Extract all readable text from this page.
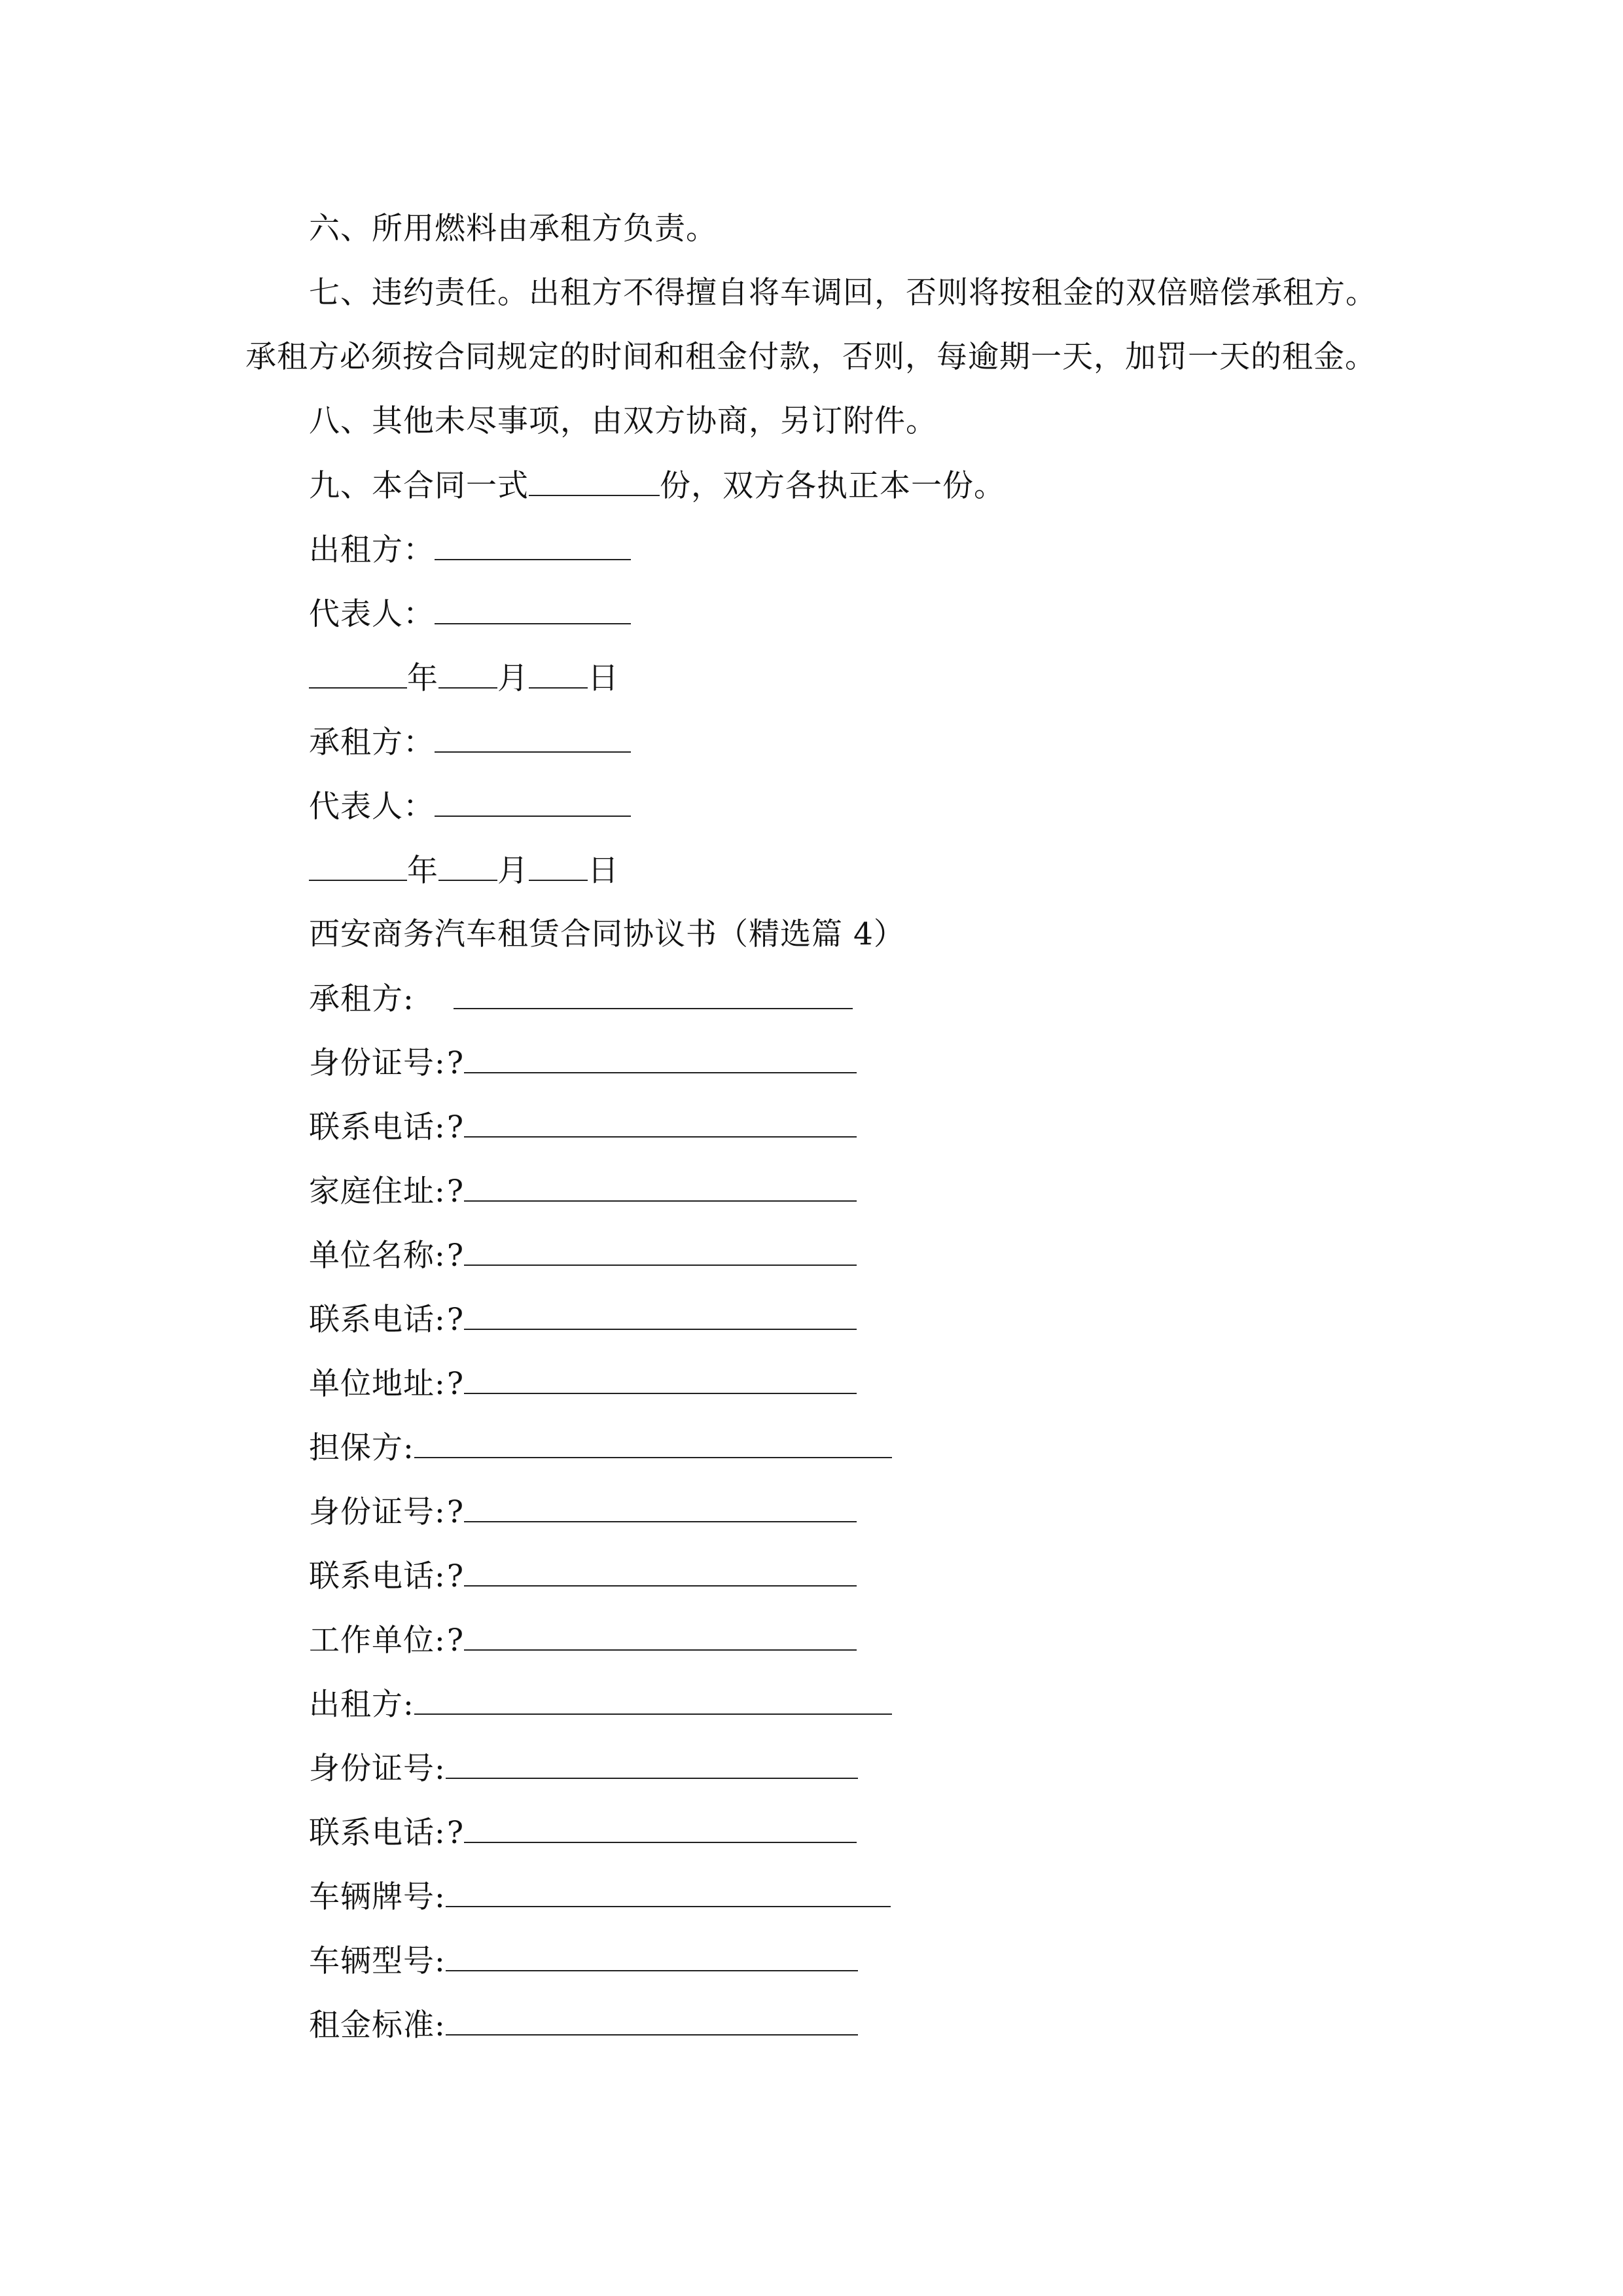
六、所用燃料由承租方负责。
七、违约责任。出租方不得擅自将车调回，否则将按租金的双倍赔偿承租方。
承租方必须按合同规定的时间和租金付款，否则，每逾期一天，加罚一天的租金。
八、其他未尽事项，由双方协商，另订附件。
九、本合同一式	份，双方各执正本一份。
出租方：
代表人：
年 月 日
承租方：
代表人：
年 月 日
西安商务汽车租赁合同协议书（精选篇 4）
承租方:
身份证号:?
联系电话:?
家庭住址:?
单位名称:?
联系电话:?
单位地址:?
担保方:
身份证号:?
联系电话:?
工作单位:?
出租方:
身份证号:
联系电话:?
车辆牌号:
车辆型号:
租金标准:
